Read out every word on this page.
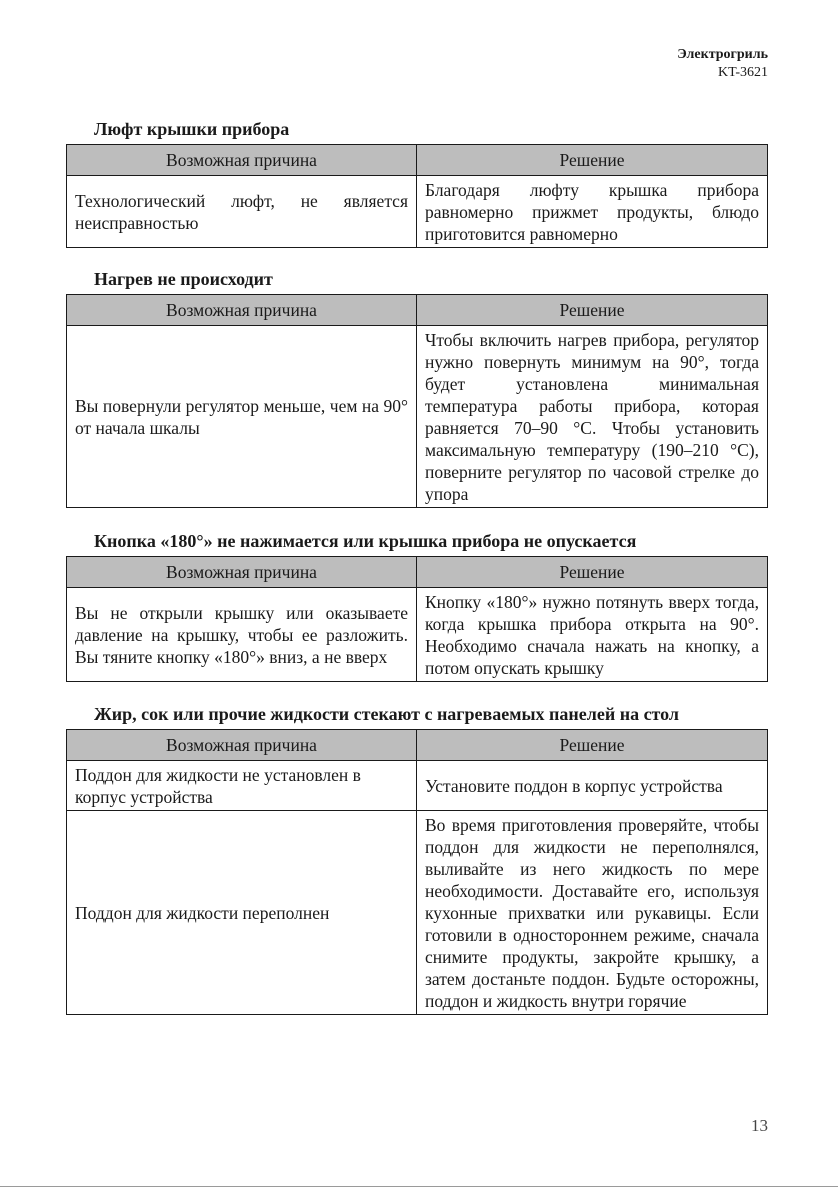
Электрогриль
KT-3621
Люфт крышки прибора
Возможная причина	Решение
Технологический люфт, не является неисправностью	Благодаря люфту крышка прибора равномерно прижмет продукты, блюдо приготовится равномерно
Нагрев не происходит
Возможная причина	Решение
Вы повернули регулятор меньше, чем на 90° от начала шкалы	Чтобы включить нагрев прибора, регулятор нужно повернуть минимум на 90°, тогда будет установлена минимальная температура работы прибора, которая равняется 70–90 °C. Чтобы установить максимальную температуру (190–210 °C), поверните регулятор по часовой стрелке до упора
Кнопка «180°» не нажимается или крышка прибора не опускается
Возможная причина	Решение
Вы не открыли крышку или оказываете давление на крышку, чтобы ее разложить. Вы тяните кнопку «180°» вниз, а не вверх	Кнопку «180°» нужно потянуть вверх тогда, когда крышка прибора открыта на 90°. Необходимо сначала нажать на кнопку, а потом опускать крышку
Жир, сок или прочие жидкости стекают с нагреваемых панелей на стол
Возможная причина	Решение
Поддон для жидкости не установлен в корпус устройства	Установите поддон в корпус устройства
Поддон для жидкости переполнен	Во время приготовления проверяйте, чтобы поддон для жидкости не переполнялся, выливайте из него жидкость по мере необходимости. Доставайте его, используя кухонные прихватки или рукавицы. Если готовили в одностороннем режиме, сначала снимите продукты, закройте крышку, а затем достаньте поддон. Будьте осторожны, поддон и жидкость внутри горячие
13
